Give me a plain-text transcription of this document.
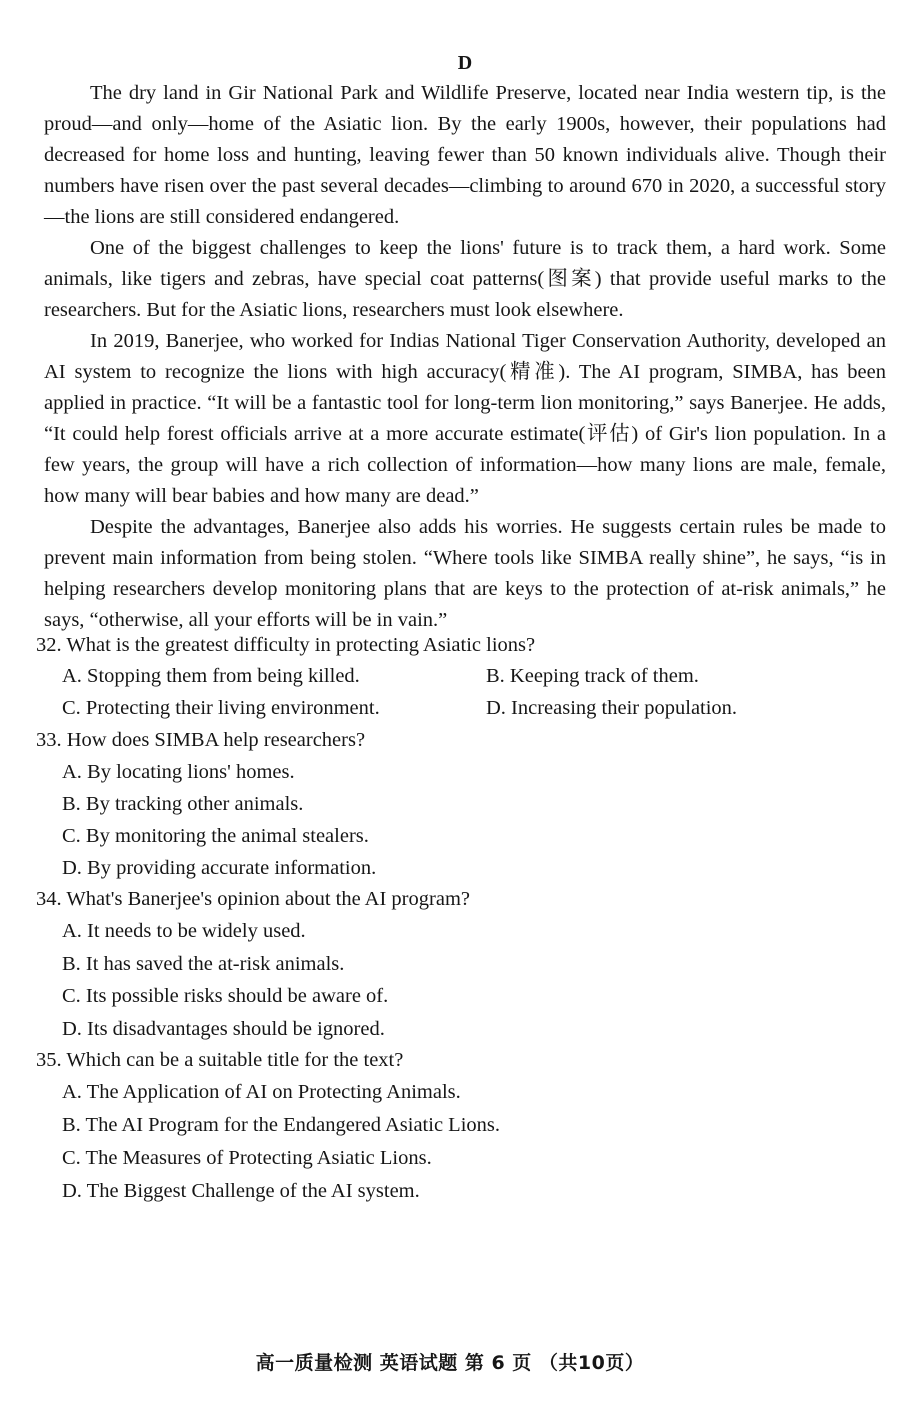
D

The dry land in Gir National Park and Wildlife Preserve, located near India western tip, is the proud—and only—home of the Asiatic lion. By the early 1900s, however, their populations had decreased for home loss and hunting, leaving fewer than 50 known individuals alive. Though their numbers have risen over the past several decades—climbing to around 670 in 2020, a successful story—the lions are still considered endangered.

One of the biggest challenges to keep the lions' future is to track them, a hard work. Some animals, like tigers and zebras, have special coat patterns(图案) that provide useful marks to the researchers. But for the Asiatic lions, researchers must look elsewhere.

In 2019, Banerjee, who worked for Indias National Tiger Conservation Authority, developed an AI system to recognize the lions with high accuracy(精准). The AI program, SIMBA, has been applied in practice. “It will be a fantastic tool for long-term lion monitoring,” says Banerjee. He adds, “It could help forest officials arrive at a more accurate estimate(评估) of Gir's lion population. In a few years, the group will have a rich collection of information—how many lions are male, female, how many will bear babies and how many are dead.”

Despite the advantages, Banerjee also adds his worries. He suggests certain rules be made to prevent main information from being stolen. “Where tools like SIMBA really shine”, he says, “is in helping researchers develop monitoring plans that are keys to the protection of at-risk animals,” he says, “otherwise, all your efforts will be in vain.”

32. What is the greatest difficulty in protecting Asiatic lions?
A. Stopping them from being killed.	B. Keeping track of them.
C. Protecting their living environment.	D. Increasing their population.
33. How does SIMBA help researchers?
A. By locating lions' homes.
B. By tracking other animals.
C. By monitoring the animal stealers.
D. By providing accurate information.
34. What's Banerjee's opinion about the AI program?
A. It needs to be widely used.
B. It has saved the at-risk animals.
C. Its possible risks should be aware of.
D. Its disadvantages should be ignored.
35. Which can be a suitable title for the text?
A. The Application of AI on Protecting Animals.
B. The AI Program for the Endangered Asiatic Lions.
C. The Measures of Protecting Asiatic Lions.
D. The Biggest Challenge of the AI system.
高一质量检测 英语试题 第 6 页 （共10页）
